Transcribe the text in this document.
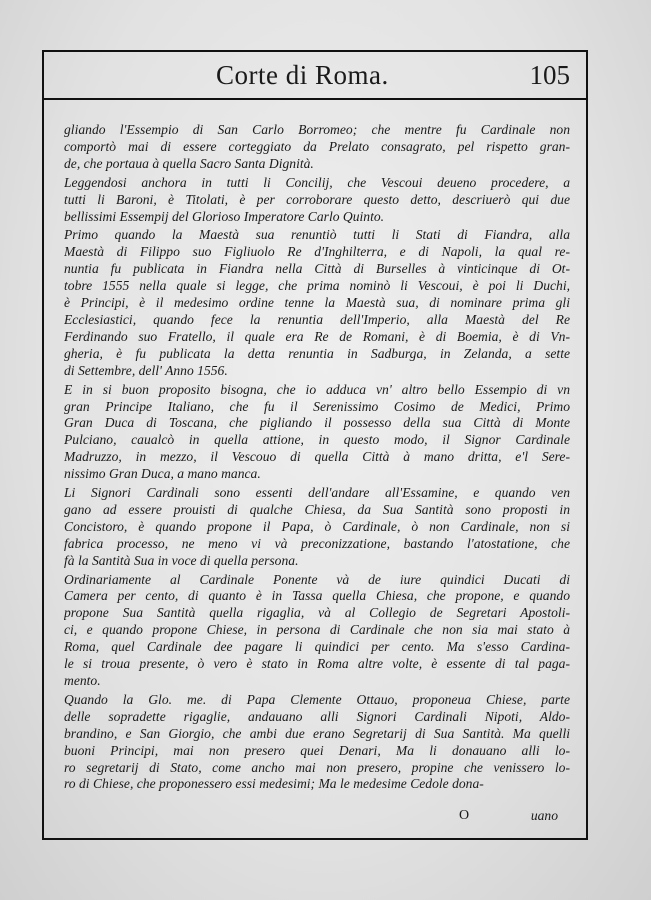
Corte di Roma.	105
gliando l'Essempio di San Carlo Borromeo; che mentre fu Cardinale non
comportò mai di essere corteggiato da Prelato consagrato, pel rispetto gran-
de, che portaua à quella Sacro Santa Dignità.
Leggendosi anchora in tutti li Concilij, che Vescoui deueno procedere, a
tutti li Baroni, è Titolati, è per corroborare questo detto, descriuerò qui due
bellissimi Essempij del Glorioso Imperatore Carlo Quinto.
Primo quando la Maestà sua renuntiò tutti li Stati di Fiandra, alla
Maestà di Filippo suo Figliuolo Re d'Inghilterra, e di Napoli, la qual re-
nuntia fu publicata in Fiandra nella Città di Burselles à vinticinque di Ot-
tobre 1555 nella quale si legge, che prima nominò li Vescoui, è poi li Duchi,
è Principi, è il medesimo ordine tenne la Maestà sua, di nominare prima gli
Ecclesiastici, quando fece la renuntia dell'Imperio, alla Maestà del Re
Ferdinando suo Fratello, il quale era Re de Romani, è di Boemia, è di Vn-
gheria, è fu publicata la detta renuntia in Sadburga, in Zelanda, a sette
di Settembre, dell' Anno 1556.
E in si buon proposito bisogna, che io adduca vn' altro bello Essempio di vn
gran Principe Italiano, che fu il Serenissimo Cosimo de Medici, Primo
Gran Duca di Toscana, che pigliando il possesso della sua Città di Monte
Pulciano, caualcò in quella attione, in questo modo, il Signor Cardinale
Madruzzo, in mezzo, il Vescouo di quella Città à mano dritta, e'l Sere-
nissimo Gran Duca, a mano manca.
Li Signori Cardinali sono essenti dell'andare all'Essamine, e quando ven
gano ad essere prouisti di qualche Chiesa, da Sua Santità sono proposti in
Concistoro, è quando propone il Papa, ò Cardinale, ò non Cardinale, non si
fabrica processo, ne meno vi và preconizzatione, bastando l'atostatione, che
fà la Santità Sua in voce di quella persona.
Ordinariamente al Cardinale Ponente và de iure quindici Ducati di
Camera per cento, di quanto è in Tassa quella Chiesa, che propone, e quando
propone Sua Santità quella rigaglia, và al Collegio de Segretari Apostoli-
ci, e quando propone Chiese, in persona di Cardinale che non sia mai stato à
Roma, quel Cardinale dee pagare li quindici per cento. Ma s'esso Cardina-
le si troua presente, ò vero è stato in Roma altre volte, è essente di tal paga-
mento.
Quando la Glo. me. di Papa Clemente Ottauo, proponeua Chiese, parte
delle sopradette rigaglie, andauano alli Signori Cardinali Nipoti, Aldo-
brandino, e San Giorgio, che ambi due erano Segretarij di Sua Santità. Ma quelli
buoni Principi, mai non presero quei Denari, Ma li donauano alli lo-
ro segretarij di Stato, come ancho mai non presero, propine che venissero lo-
ro di Chiese, che proponessero essi medesimi; Ma le medesime Cedole dona-
O	uano
